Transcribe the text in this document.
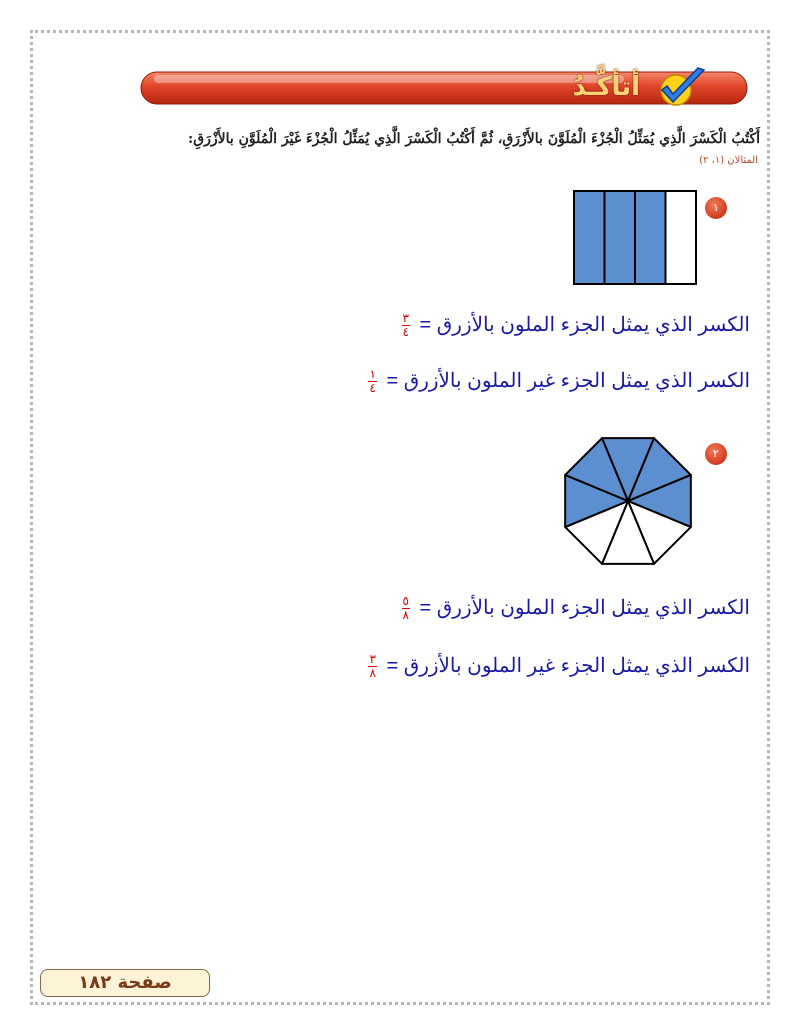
أتأكَّـدُ
أَكْتُبُ الْكَسْرَ الَّذِي يُمَثِّلُ الْجُزْءَ الْمُلَوَّنَ بالأَزْرَقِ، ثُمَّ أَكْتُبُ الْكَسْرَ الَّذِي يُمَثِّلُ الْجُزْءَ غَيْرَ الْمُلَوَّنِ بالأَزْرَقِ:
المثالان (١، ٢)
١
الكسر الذي يمثل الجزء الملون بالأزرق =
$\frac{٣}{٤}$
الكسر الذي يمثل الجزء غير الملون بالأزرق =
$\frac{١}{٤}$
٢
الكسر الذي يمثل الجزء الملون بالأزرق =
$\frac{٥}{٨}$
الكسر الذي يمثل الجزء غير الملون بالأزرق =
$\frac{٣}{٨}$
صفحة ١٨٢
